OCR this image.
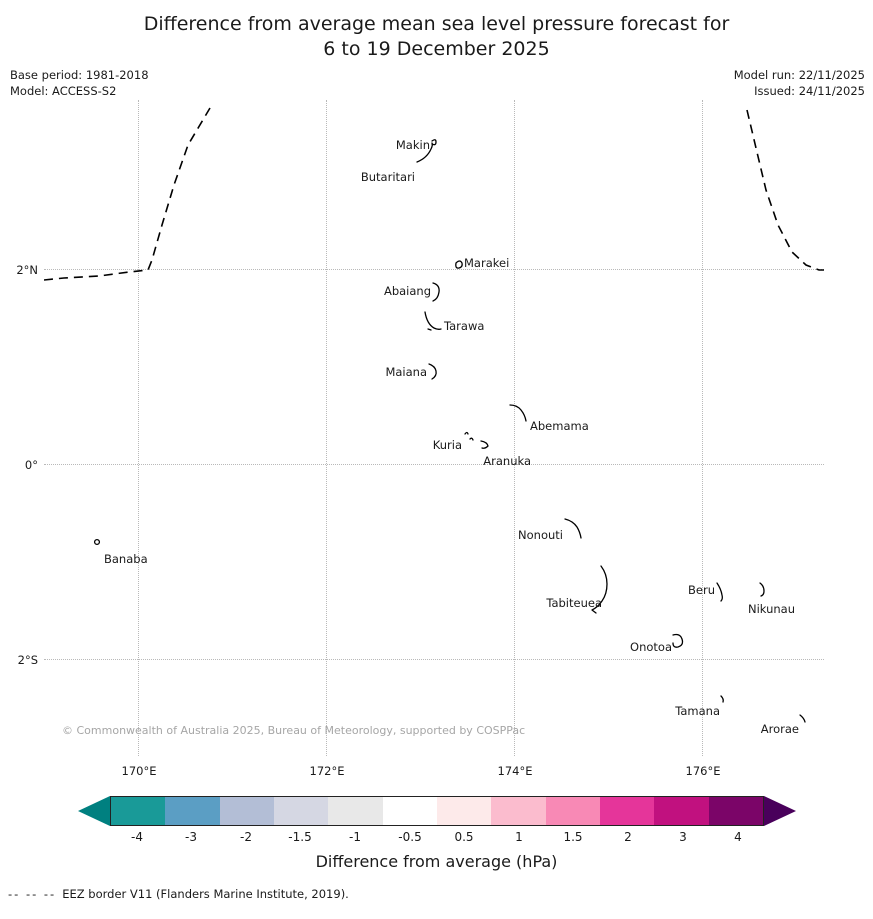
Difference from average mean sea level pressure forecast for
6 to 19 December 2025
Base period: 1981-2018
Model: ACCESS-S2
Model run: 22/11/2025
Issued: 24/11/2025
2°N
0°
2°S
170°E	172°E	174°E	176°E
Makin
Butaritari
Marakei
Abaiang
Tarawa
Maiana
Abemama
Kuria
Aranuka
Nonouti
Tabiteuea
Beru
Nikunau
Onotoa
Tamana
Arorae
Banaba
© Commonwealth of Australia 2025, Bureau of Meteorology, supported by COSPPac
-4	-3	-2	-1.5	-1	-0.5	0.5	1	1.5	2	3	4
Difference from average (hPa)
-- -- -- EEZ border V11 (Flanders Marine Institute, 2019).
